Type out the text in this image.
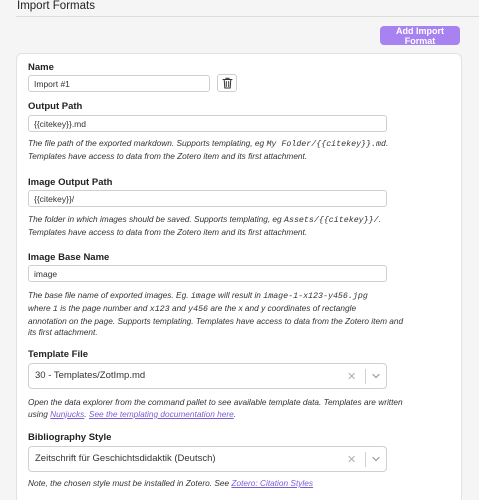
Import Formats
Add Import Format
Name
Import #1
Output Path
{{citekey}}.md
The file path of the exported markdown. Supports templating, eg My Folder/{{citekey}}.md.
Templates have access to data from the Zotero item and its first attachment.
Image Output Path
{{citekey}}/
The folder in which images should be saved. Supports templating, eg Assets/{{citekey}}/.
Templates have access to data from the Zotero item and its first attachment.
Image Base Name
image
The base file name of exported images. Eg. image will result in image-1-x123-y456.jpg
where 1 is the page number and x123 and y456 are the x and y coordinates of rectangle
annotation on the page. Supports templating. Templates have access to data from the Zotero item and
its first attachment.
Template File
30 - Templates/ZotImp.md	✕
Open the data explorer from the command pallet to see available template data. Templates are written
using Nunjucks. See the templating documentation here.
Bibliography Style
Zeitschrift für Geschichtsdidaktik (Deutsch)	✕
Note, the chosen style must be installed in Zotero. See Zotero: Citation Styles
